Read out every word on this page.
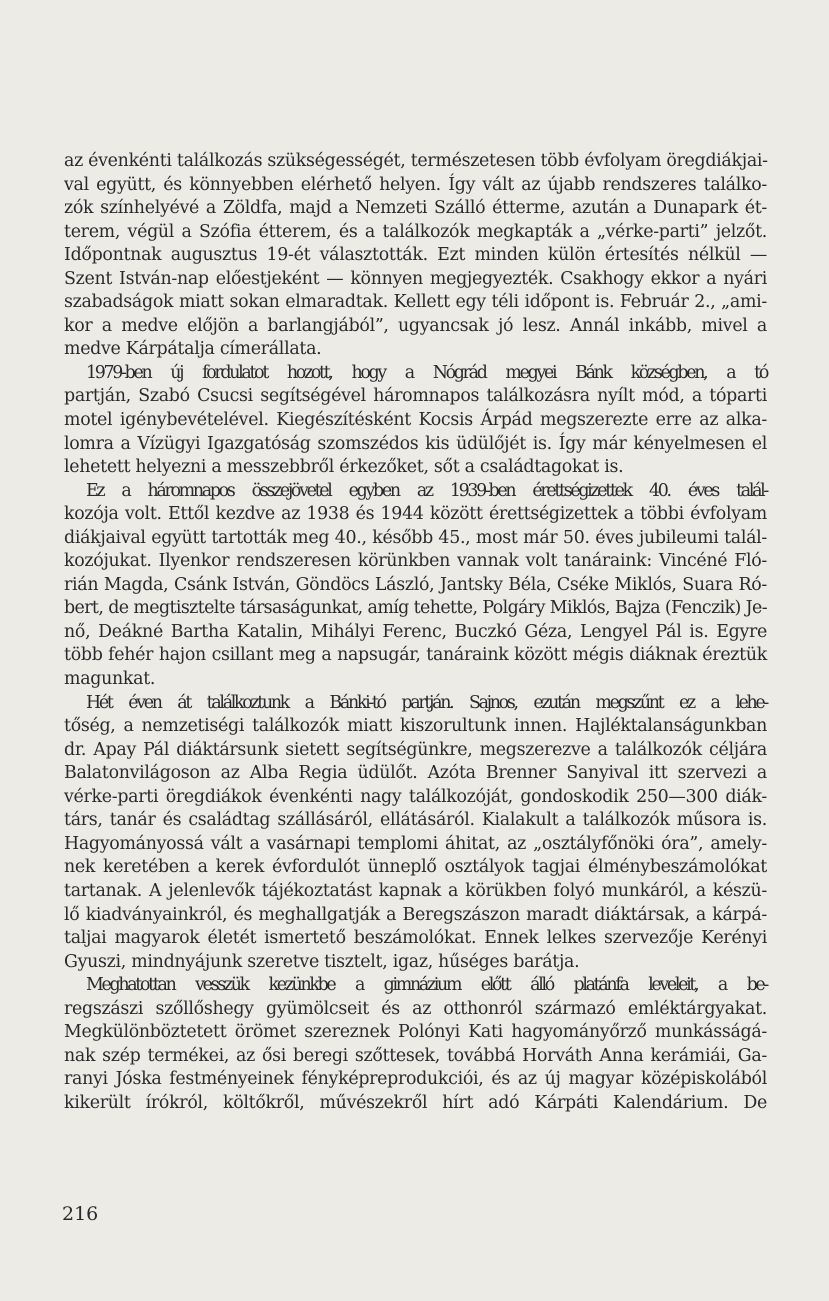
az évenkénti találkozás szükségességét, természetesen több évfolyam öregdiákjai-
val együtt, és könnyebben elérhető helyen. Így vált az újabb rendszeres találko-
zók színhelyévé a Zöldfa, majd a Nemzeti Szálló étterme, azután a Dunapark ét-
terem, végül a Szófia étterem, és a találkozók megkapták a „vérke-parti” jelzőt.
Időpontnak augusztus 19-ét választották. Ezt minden külön értesítés nélkül —
Szent István-nap előestjeként — könnyen megjegyezték. Csakhogy ekkor a nyári
szabadságok miatt sokan elmaradtak. Kellett egy téli időpont is. Február 2., „ami-
kor a medve előjön a barlangjából”, ugyancsak jó lesz. Annál inkább, mivel a
medve Kárpátalja címerállata.

1979-ben új fordulatot hozott, hogy a Nógrád megyei Bánk községben, a tó
partján, Szabó Csucsi segítségével háromnapos találkozásra nyílt mód, a tóparti
motel igénybevételével. Kiegészítésként Kocsis Árpád megszerezte erre az alka-
lomra a Vízügyi Igazgatóság szomszédos kis üdülőjét is. Így már kényelmesen el
lehetett helyezni a messzebbről érkezőket, sőt a családtagokat is.

Ez a háromnapos összejövetel egyben az 1939-ben érettségizettek 40. éves talál-
kozója volt. Ettől kezdve az 1938 és 1944 között érettségizettek a többi évfolyam
diákjaival együtt tartották meg 40., később 45., most már 50. éves jubileumi talál-
kozójukat. Ilyenkor rendszeresen körünkben vannak volt tanáraink: Vincéné Fló-
rián Magda, Csánk István, Göndöcs László, Jantsky Béla, Cséke Miklós, Suara Ró-
bert, de megtisztelte társaságunkat, amíg tehette, Polgáry Miklós, Bajza (Fenczik) Je-
nő, Deákné Bartha Katalin, Mihályi Ferenc, Buczkó Géza, Lengyel Pál is. Egyre
több fehér hajon csillant meg a napsugár, tanáraink között mégis diáknak éreztük
magunkat.

Hét éven át találkoztunk a Bánki-tó partján. Sajnos, ezután megszűnt ez a lehe-
tőség, a nemzetiségi találkozók miatt kiszorultunk innen. Hajléktalanságunkban
dr. Apay Pál diáktársunk sietett segítségünkre, megszerezve a találkozók céljára
Balatonvilágoson az Alba Regia üdülőt. Azóta Brenner Sanyival itt szervezi a
vérke-parti öregdiákok évenkénti nagy találkozóját, gondoskodik 250—300 diák-
társ, tanár és családtag szállásáról, ellátásáról. Kialakult a találkozók műsora is.
Hagyományossá vált a vasárnapi templomi áhitat, az „osztályfőnöki óra”, amely-
nek keretében a kerek évfordulót ünneplő osztályok tagjai élménybeszámolókat
tartanak. A jelenlevők tájékoztatást kapnak a körükben folyó munkáról, a készü-
lő kiadványainkról, és meghallgatják a Beregszászon maradt diáktársak, a kárpá-
taljai magyarok életét ismertető beszámolókat. Ennek lelkes szervezője Kerényi
Gyuszi, mindnyájunk szeretve tisztelt, igaz, hűséges barátja.

Meghatottan vesszük kezünkbe a gimnázium előtt álló platánfa leveleit, a be-
regszászi szőllőshegy gyümölcseit és az otthonról származó emléktárgyakat.
Megkülönböztetett örömet szereznek Polónyi Kati hagyományőrző munkásságá-
nak szép termékei, az ősi beregi szőttesek, továbbá Horváth Anna kerámiái, Ga-
ranyi Jóska festményeinek fényképreprodukciói, és az új magyar középiskolából
kikerült írókról, költőkről, művészekről hírt adó Kárpáti Kalendárium. De

216
